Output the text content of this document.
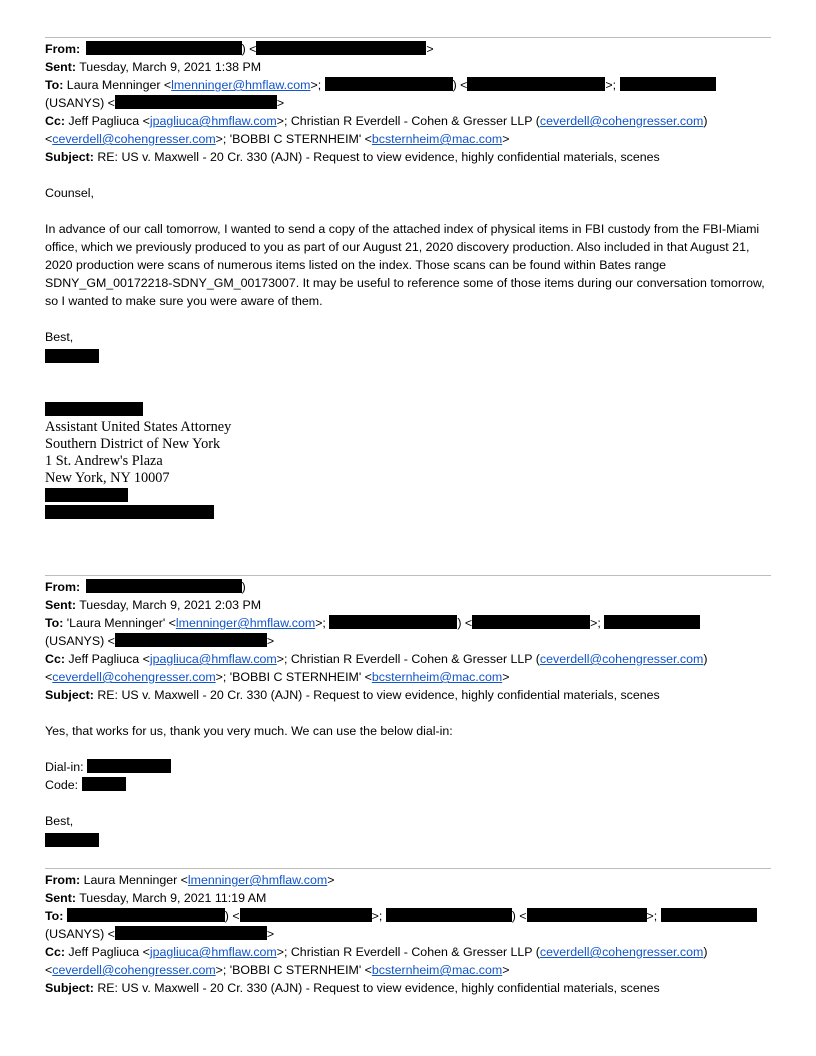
From:	) <	>
Sent: Tuesday, March 9, 2021 1:38 PM
To: Laura Menninger <lmenninger@hmflaw.com>;	) <	>;
(USANYS) <	>
Cc: Jeff Pagliuca <jpagliuca@hmflaw.com>; Christian R Everdell - Cohen & Gresser LLP (ceverdell@cohengresser.com)
<ceverdell@cohengresser.com>; 'BOBBI C STERNHEIM' <bcsternheim@mac.com>
Subject: RE: US v. Maxwell - 20 Cr. 330 (AJN) - Request to view evidence, highly confidential materials, scenes
Counsel,
In advance of our call tomorrow, I wanted to send a copy of the attached index of physical items in FBI custody from the FBI-Miami office, which we previously produced to you as part of our August 21, 2020 discovery production. Also included in that August 21, 2020 production were scans of numerous items listed on the index. Those scans can be found within Bates range SDNY_GM_00172218-SDNY_GM_00173007. It may be useful to reference some of those items during our conversation tomorrow, so I wanted to make sure you were aware of them.
Best,
Assistant United States Attorney
Southern District of New York
1 St. Andrew's Plaza
New York, NY 10007
From:	)
Sent: Tuesday, March 9, 2021 2:03 PM
To: 'Laura Menninger' <lmenninger@hmflaw.com>;	) <	>;
(USANYS) <	>
Cc: Jeff Pagliuca <jpagliuca@hmflaw.com>; Christian R Everdell - Cohen & Gresser LLP (ceverdell@cohengresser.com)
<ceverdell@cohengresser.com>; 'BOBBI C STERNHEIM' <bcsternheim@mac.com>
Subject: RE: US v. Maxwell - 20 Cr. 330 (AJN) - Request to view evidence, highly confidential materials, scenes
Yes, that works for us, thank you very much. We can use the below dial-in:
Dial-in:
Code:
Best,
From: Laura Menninger <lmenninger@hmflaw.com>
Sent: Tuesday, March 9, 2021 11:19 AM
To:	) <	>;	) <	>;
(USANYS) <	>
Cc: Jeff Pagliuca <jpagliuca@hmflaw.com>; Christian R Everdell - Cohen & Gresser LLP (ceverdell@cohengresser.com)
<ceverdell@cohengresser.com>; 'BOBBI C STERNHEIM' <bcsternheim@mac.com>
Subject: RE: US v. Maxwell - 20 Cr. 330 (AJN) - Request to view evidence, highly confidential materials, scenes
